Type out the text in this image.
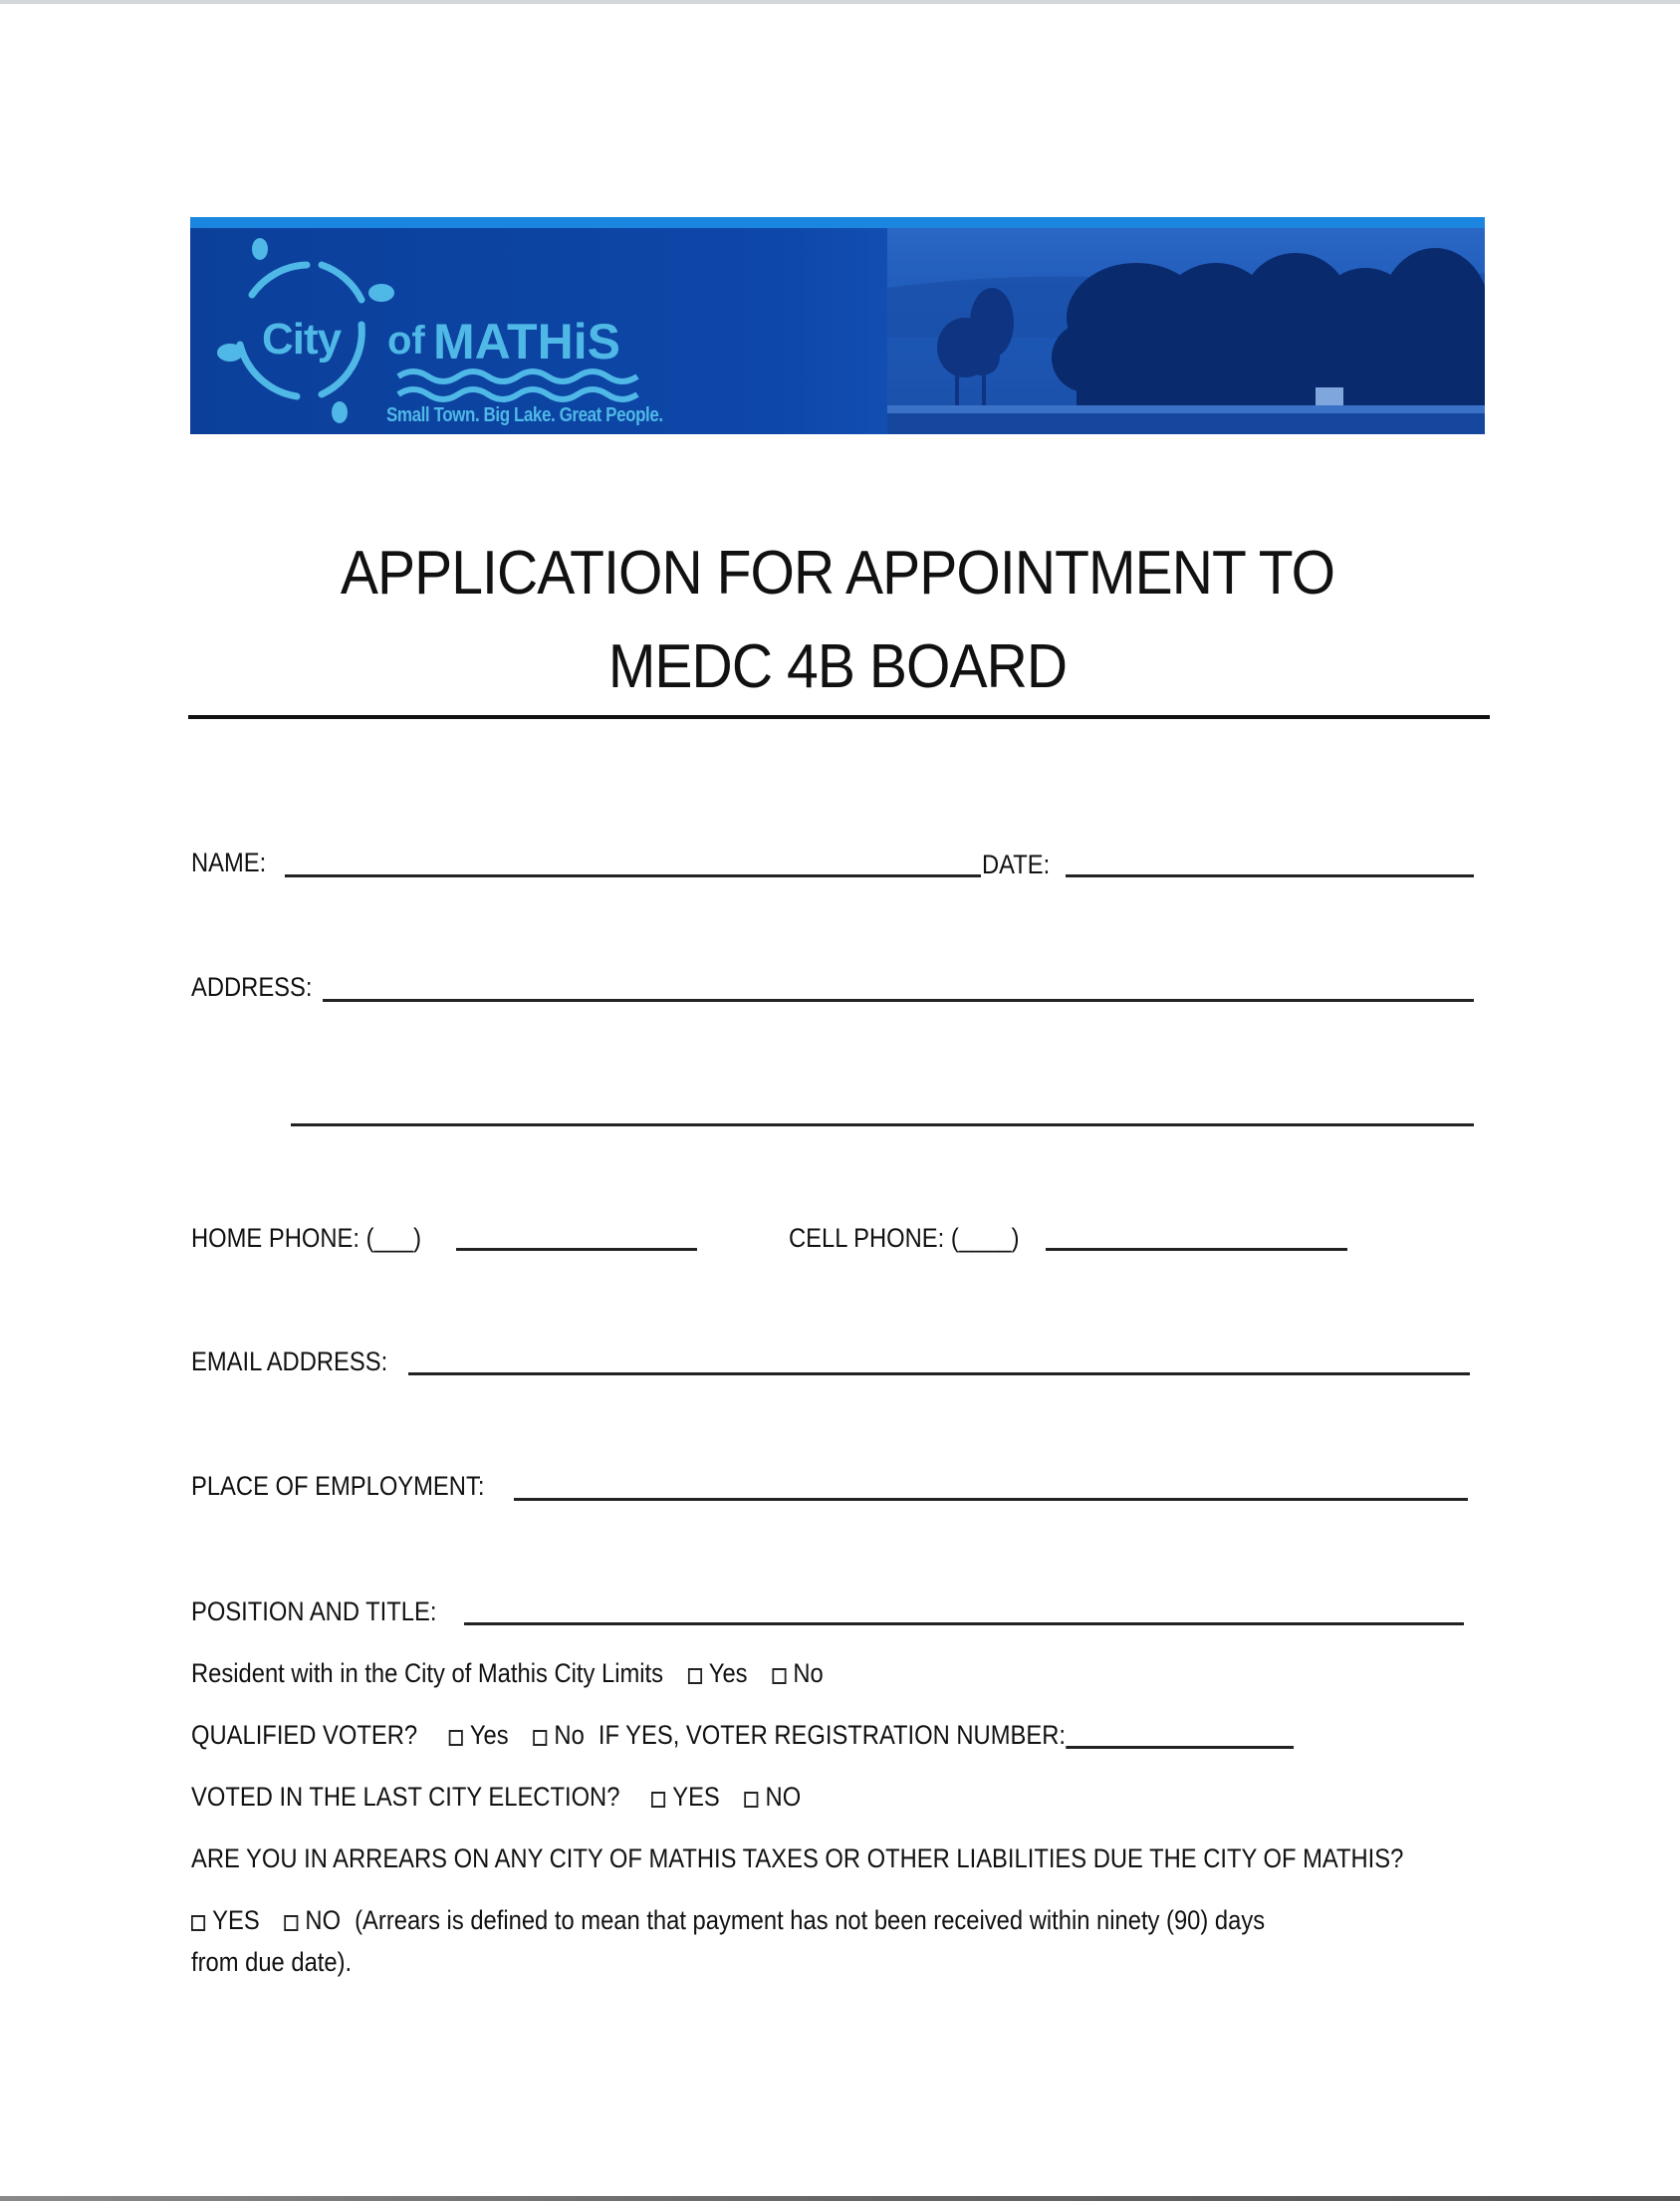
City of MATHiS
Small Town. Big Lake. Great People.
APPLICATION FOR APPOINTMENT TO
MEDC 4B BOARD
NAME:	DATE:
ADDRESS:
HOME PHONE: (___)	CELL PHONE: (____)
EMAIL ADDRESS:
PLACE OF EMPLOYMENT:
POSITION AND TITLE:
Resident with in the City of Mathis City Limits Yes No
QUALIFIED VOTER? Yes No IF YES, VOTER REGISTRATION NUMBER:
VOTED IN THE LAST CITY ELECTION? YES NO
ARE YOU IN ARREARS ON ANY CITY OF MATHIS TAXES OR OTHER LIABILITIES DUE THE CITY OF MATHIS?
YES NO (Arrears is defined to mean that payment has not been received within ninety (90) days
from due date).
